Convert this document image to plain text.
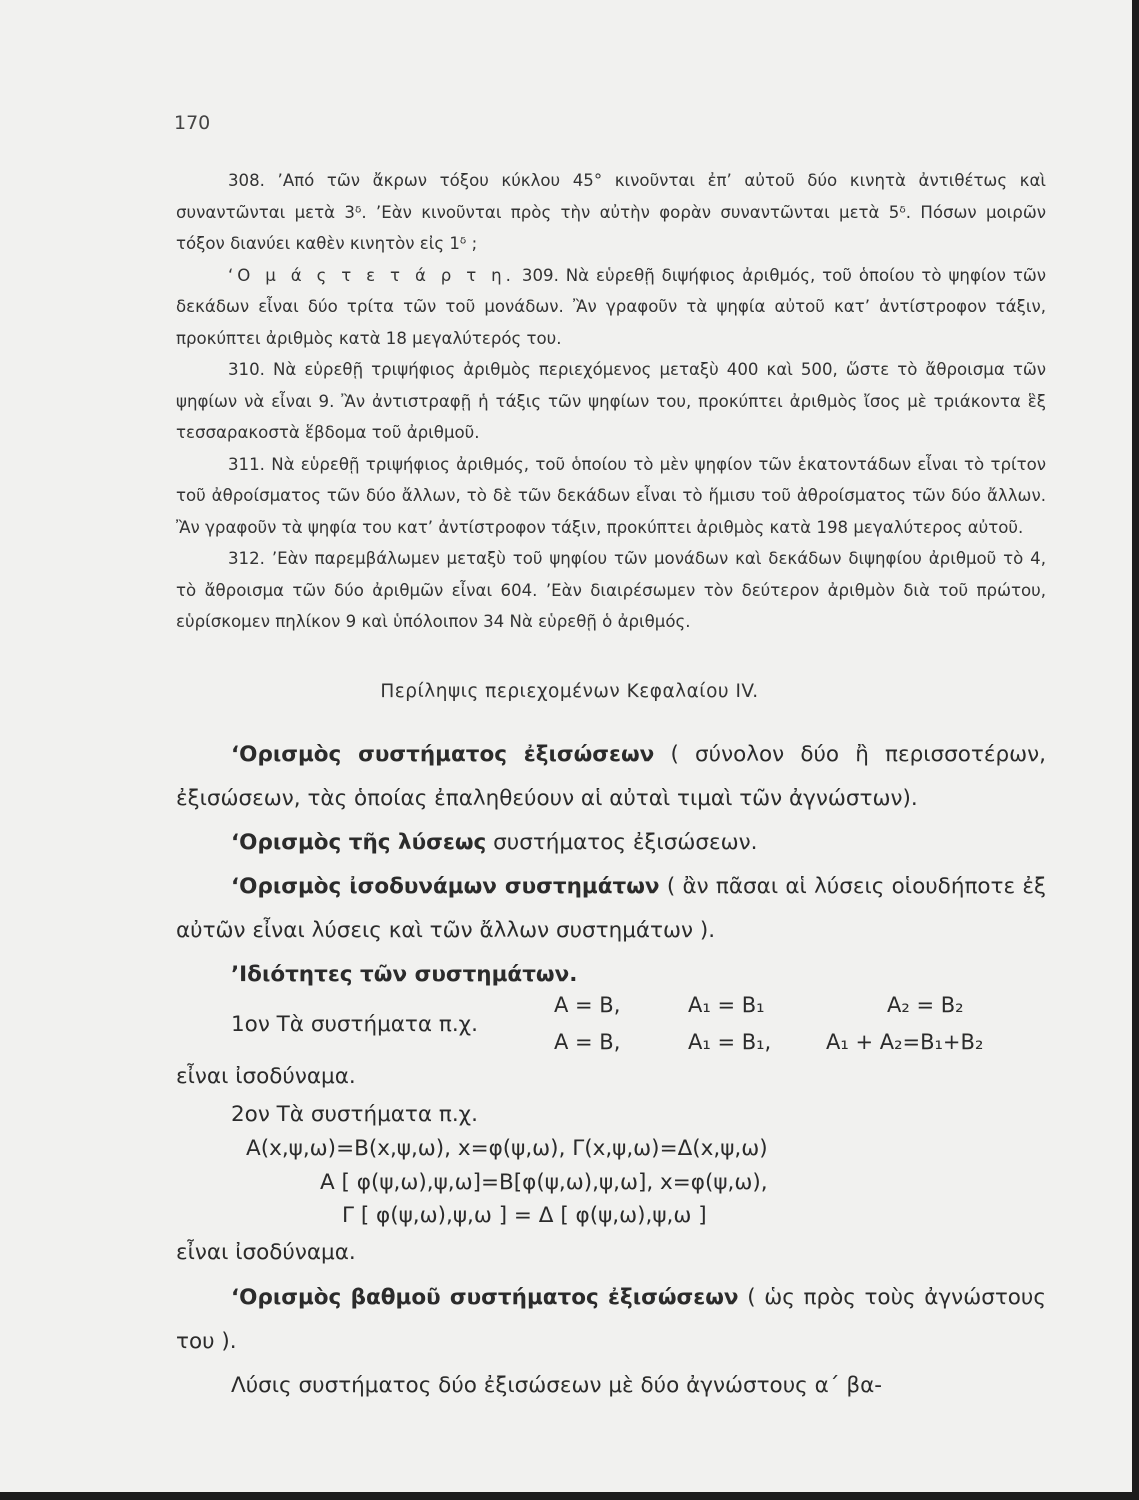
170

308. ’Από τῶν ἄκρων τόξου κύκλου 45° κινοῦνται ἐπ’ αὐτοῦ δύο κινητὰ ἀντιθέτως καὶ συναντῶνται μετὰ 3ᵟ. ’Εὰν κινοῦνται πρὸς τὴν αὐτὴν φορὰν συναντῶνται μετὰ 5ᵟ. Πόσων μοιρῶν τόξον διανύει καθὲν κινητὸν εἰς 1ᵟ ;

‘Ο μ ά ς τ ε τ ά ρ τ η. 309. Νὰ εὑρεθῇ διψήφιος ἀριθμός, τοῦ ὁποίου τὸ ψηφίον τῶν δεκάδων εἶναι δύο τρίτα τῶν τοῦ μονάδων. Ἂν γραφοῦν τὰ ψηφία αὐτοῦ κατ’ ἀντίστροφον τάξιν, προκύπτει ἀριθμὸς κατὰ 18 μεγαλύτερός του.

310. Νὰ εὑρεθῇ τριψήφιος ἀριθμὸς περιεχόμενος μεταξὺ 400 καὶ 500, ὥστε τὸ ἄθροισμα τῶν ψηφίων νὰ εἶναι 9. Ἂν ἀντιστραφῇ ἡ τάξις τῶν ψηφίων του, προκύπτει ἀριθμὸς ἴσος μὲ τριάκοντα ἓξ τεσσαρακοστὰ ἕβδομα τοῦ ἀριθμοῦ.

311. Νὰ εὑρεθῇ τριψήφιος ἀριθμός, τοῦ ὁποίου τὸ μὲν ψηφίον τῶν ἑκατοντάδων εἶναι τὸ τρίτον τοῦ ἀθροίσματος τῶν δύο ἄλλων, τὸ δὲ τῶν δεκάδων εἶναι τὸ ἥμισυ τοῦ ἀθροίσματος τῶν δύο ἄλλων. Ἂν γραφοῦν τὰ ψηφία του κατ’ ἀντίστροφον τάξιν, προκύπτει ἀριθμὸς κατὰ 198 μεγαλύτερος αὐτοῦ.

312. ’Εὰν παρεμβάλωμεν μεταξὺ τοῦ ψηφίου τῶν μονάδων καὶ δεκάδων διψηφίου ἀριθμοῦ τὸ 4, τὸ ἄθροισμα τῶν δύο ἀριθμῶν εἶναι 604. ’Εὰν διαιρέσωμεν τὸν δεύτερον ἀριθμὸν διὰ τοῦ πρώτου, εὑρίσκομεν πηλίκον 9 καὶ ὑπόλοιπον 34 Νὰ εὑρεθῇ ὁ ἀριθμός.

Περίληψις περιεχομένων Κεφαλαίου IV.

‘Ορισμὸς συστήματος ἐξισώσεων ( σύνολον δύο ἢ περισσοτέρων, ἐξισώσεων, τὰς ὁποίας ἐπαληθεύουν αἱ αὐταὶ τιμαὶ τῶν ἀγνώστων).

‘Ορισμὸς τῆς λύσεως συστήματος ἐξισώσεων.

‘Ορισμὸς ἰσοδυνάμων συστημάτων ( ἂν πᾶσαι αἱ λύσεις οἱουδήποτε ἐξ αὐτῶν εἶναι λύσεις καὶ τῶν ἄλλων συστημάτων ).

’Ιδιότητες τῶν συστημάτων.

1ον Τὰ συστήματα π.χ.
Α = Β,	Α₁ = Β₁	Α₂ = Β₂
Α = Β,	Α₁ = Β₁,	Α₁ + Α₂=Β₁+Β₂
εἶναι ἰσοδύναμα.
2ον Τὰ συστήματα π.χ.
Α(x,ψ,ω)=Β(x,ψ,ω), x=φ(ψ,ω), Γ(x,ψ,ω)=Δ(x,ψ,ω)
Α [ φ(ψ,ω),ψ,ω]=Β[φ(ψ,ω),ψ,ω], x=φ(ψ,ω),
Γ [ φ(ψ,ω),ψ,ω ] = Δ [ φ(ψ,ω),ψ,ω ]
εἶναι ἰσοδύναμα.

‘Ορισμὸς βαθμοῦ συστήματος ἐξισώσεων ( ὡς πρὸς τοὺς ἀγνώστους του ).

Λύσις συστήματος δύο ἐξισώσεων μὲ δύο ἀγνώστους α΄ βα-
